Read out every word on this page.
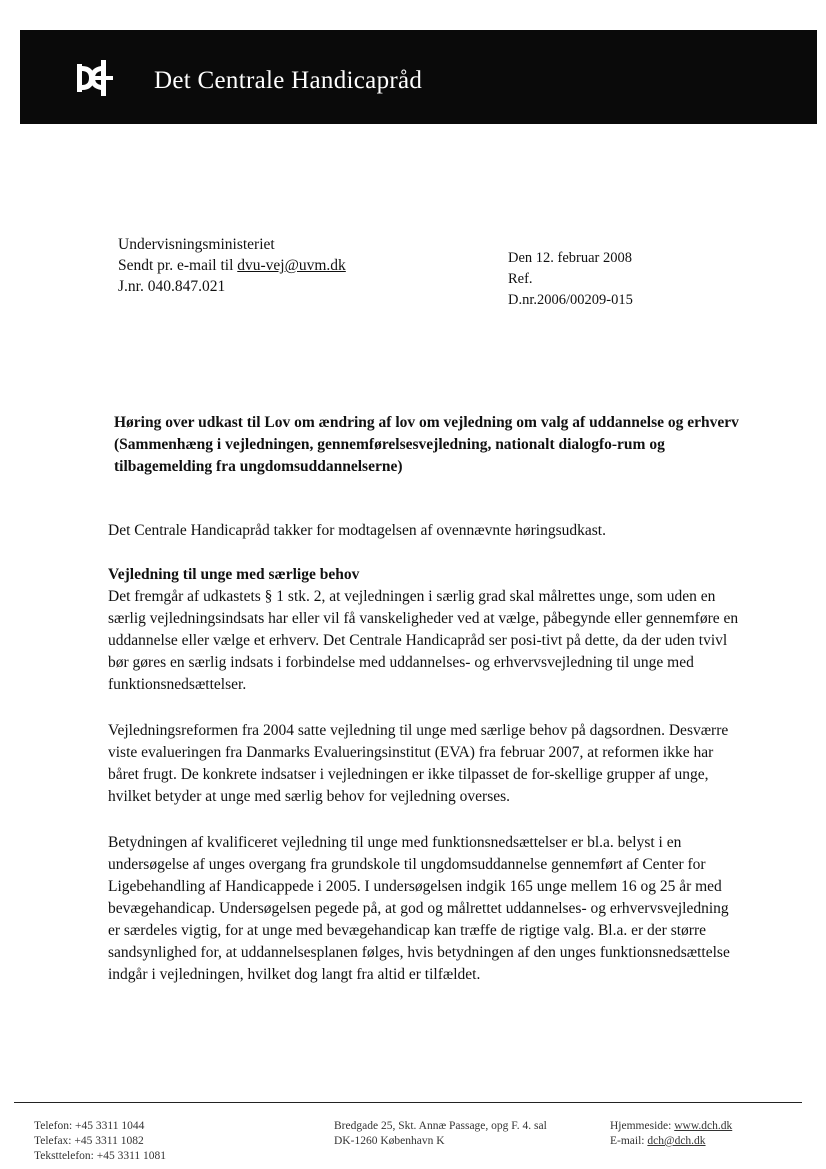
Det Centrale Handicapråd
Undervisningsministeriet
Sendt pr. e-mail til dvu-vej@uvm.dk
J.nr. 040.847.021
Den 12. februar 2008
Ref.
D.nr.2006/00209-015
Høring over udkast til Lov om ændring af lov om vejledning om valg af uddannelse og erhverv (Sammenhæng i vejledningen, gennemførelsesvejledning, nationalt dialogfo-rum og tilbagemelding fra ungdomsuddannelserne)
Det Centrale Handicapråd takker for modtagelsen af ovennævnte høringsudkast.
Vejledning til unge med særlige behov
Det fremgår af udkastets § 1 stk. 2, at vejledningen i særlig grad skal målrettes unge, som uden en særlig vejledningsindsats har eller vil få vanskeligheder ved at vælge, påbegynde eller gennemføre en uddannelse eller vælge et erhverv. Det Centrale Handicapråd ser posi-tivt på dette, da der uden tvivl bør gøres en særlig indsats i forbindelse med uddannelses- og erhvervsvejledning til unge med funktionsnedsættelser.
Vejledningsreformen fra 2004 satte vejledning til unge med særlige behov på dagsordnen. Desværre viste evalueringen fra Danmarks Evalueringsinstitut (EVA) fra februar 2007, at reformen ikke har båret frugt. De konkrete indsatser i vejledningen er ikke tilpasset de for-skellige grupper af unge, hvilket betyder at unge med særlig behov for vejledning overses.
Betydningen af kvalificeret vejledning til unge med funktionsnedsættelser er bl.a. belyst i en undersøgelse af unges overgang fra grundskole til ungdomsuddannelse gennemført af Center for Ligebehandling af Handicappede i 2005. I undersøgelsen indgik 165 unge mellem 16 og 25 år med bevægehandicap. Undersøgelsen pegede på, at god og målrettet uddannelses- og erhvervsvejledning er særdeles vigtig, for at unge med bevægehandicap kan træffe de rigtige valg. Bl.a. er der større sandsynlighed for, at uddannelsesplanen følges, hvis betydningen af den unges funktionsnedsættelse indgår i vejledningen, hvilket dog langt fra altid er tilfældet.
Telefon: +45 3311 1044
Telefax: +45 3311 1082
Teksttelefon: +45 3311 1081
Bredgade 25, Skt. Annæ Passage, opg F. 4. sal
DK-1260 København K
Hjemmeside: www.dch.dk
E-mail: dch@dch.dk
